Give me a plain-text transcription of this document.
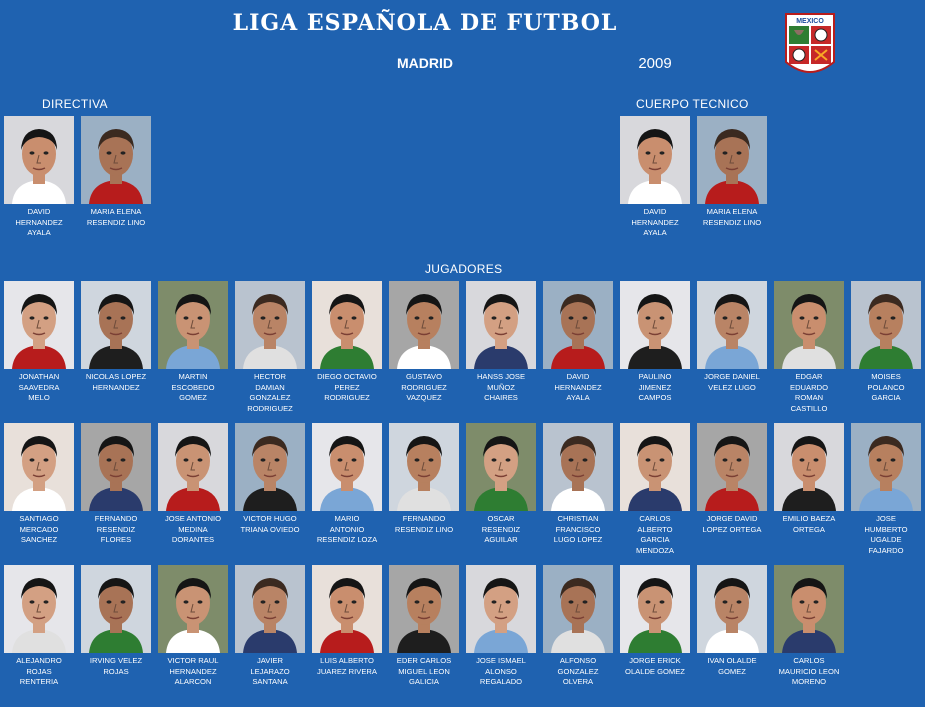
LIGA ESPAÑOLA DE FUTBOL
MADRID	2009
MEXICO
DIRECTIVA	CUERPO TECNICO
JUGADORES
DAVID
HERNANDEZ
AYALA
MARIA ELENA
RESENDIZ LINO
DAVID
HERNANDEZ
AYALA
MARIA ELENA
RESENDIZ LINO
JONATHAN
SAAVEDRA
MELO
NICOLAS LOPEZ
HERNANDEZ
MARTIN
ESCOBEDO
GOMEZ
HECTOR
DAMIAN
GONZALEZ
RODRIGUEZ
DIEGO OCTAVIO
PEREZ
RODRIGUEZ
GUSTAVO
RODRIGUEZ
VAZQUEZ
HANSS JOSE
MUÑOZ
CHAIRES
DAVID
HERNANDEZ
AYALA
PAULINO
JIMENEZ
CAMPOS
JORGE DANIEL
VELEZ LUGO
EDGAR
EDUARDO
ROMAN
CASTILLO
MOISES
POLANCO
GARCIA
SANTIAGO
MERCADO
SANCHEZ
FERNANDO
RESENDIZ
FLORES
JOSE ANTONIO
MEDINA
DORANTES
VICTOR HUGO
TRIANA OVIEDO
MARIO
ANTONIO
RESENDIZ LOZA
FERNANDO
RESENDIZ LINO
OSCAR
RESENDIZ
AGUILAR
CHRISTIAN
FRANCISCO
LUGO LOPEZ
CARLOS
ALBERTO
GARCIA
MENDOZA
JORGE DAVID
LOPEZ ORTEGA
EMILIO BAEZA
ORTEGA
JOSE
HUMBERTO
UGALDE
FAJARDO
ALEJANDRO
ROJAS
RENTERIA
IRVING VELEZ
ROJAS
VICTOR RAUL
HERNANDEZ
ALARCON
JAVIER
LEJARAZO
SANTANA
LUIS ALBERTO
JUAREZ RIVERA
EDER CARLOS
MIGUEL LEON
GALICIA
JOSE ISMAEL
ALONSO
REGALADO
ALFONSO
GONZALEZ
OLVERA
JORGE ERICK
OLALDE GOMEZ
IVAN OLALDE
GOMEZ
CARLOS
MAURICIO LEON
MORENO
